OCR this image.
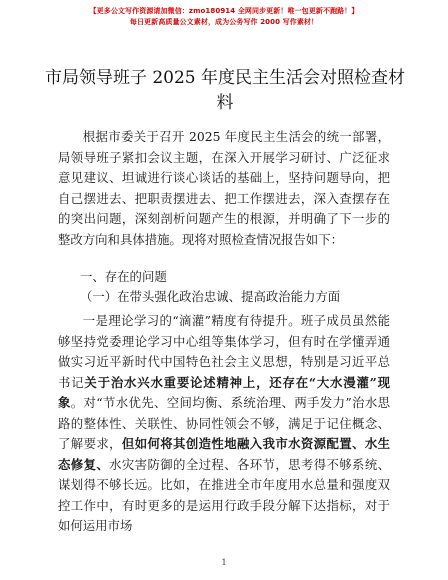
【更多公文写作资源请加微信：zmo180914 全网同步更新！唯一包更新不跑路！】
每日更新高质量公文素材，成为公务写作 2000 写作素材！
市局领导班子 2025 年度民主生活会对照检查材料

根据市委关于召开 2025 年度民主生活会的统一部署，局领导班子紧扣会议主题，在深入开展学习研讨、广泛征求意见建议、坦诚进行谈心谈话的基础上，坚持问题导向，把自己摆进去、把职责摆进去、把工作摆进去，深入查摆存在的突出问题，深刻剖析问题产生的根源，并明确了下一步的整改方向和具体措施。现将对照检查情况报告如下：

一、存在的问题
（一）在带头强化政治忠诚、提高政治能力方面

一是理论学习的“滴灌”精度有待提升。班子成员虽然能够坚持党委理论学习中心组等集体学习，但有时在学懂弄通做实习近平新时代中国特色社会主义思想，特别是习近平总书记关于治水兴水重要论述精神上，还存在“大水漫灌”现象。对“节水优先、空间均衡、系统治理、两手发力”治水思路的整体性、关联性、协同性领会不够，满足于记住概念、了解要求，但如何将其创造性地融入我市水资源配置、水生态修复、水灾害防御的全过程、各环节，思考得不够系统、谋划得不够长远。比如，在推进全市年度用水总量和强度双控工作中，有时更多的是运用行政手段分解下达指标，对于如何运用市场

1
